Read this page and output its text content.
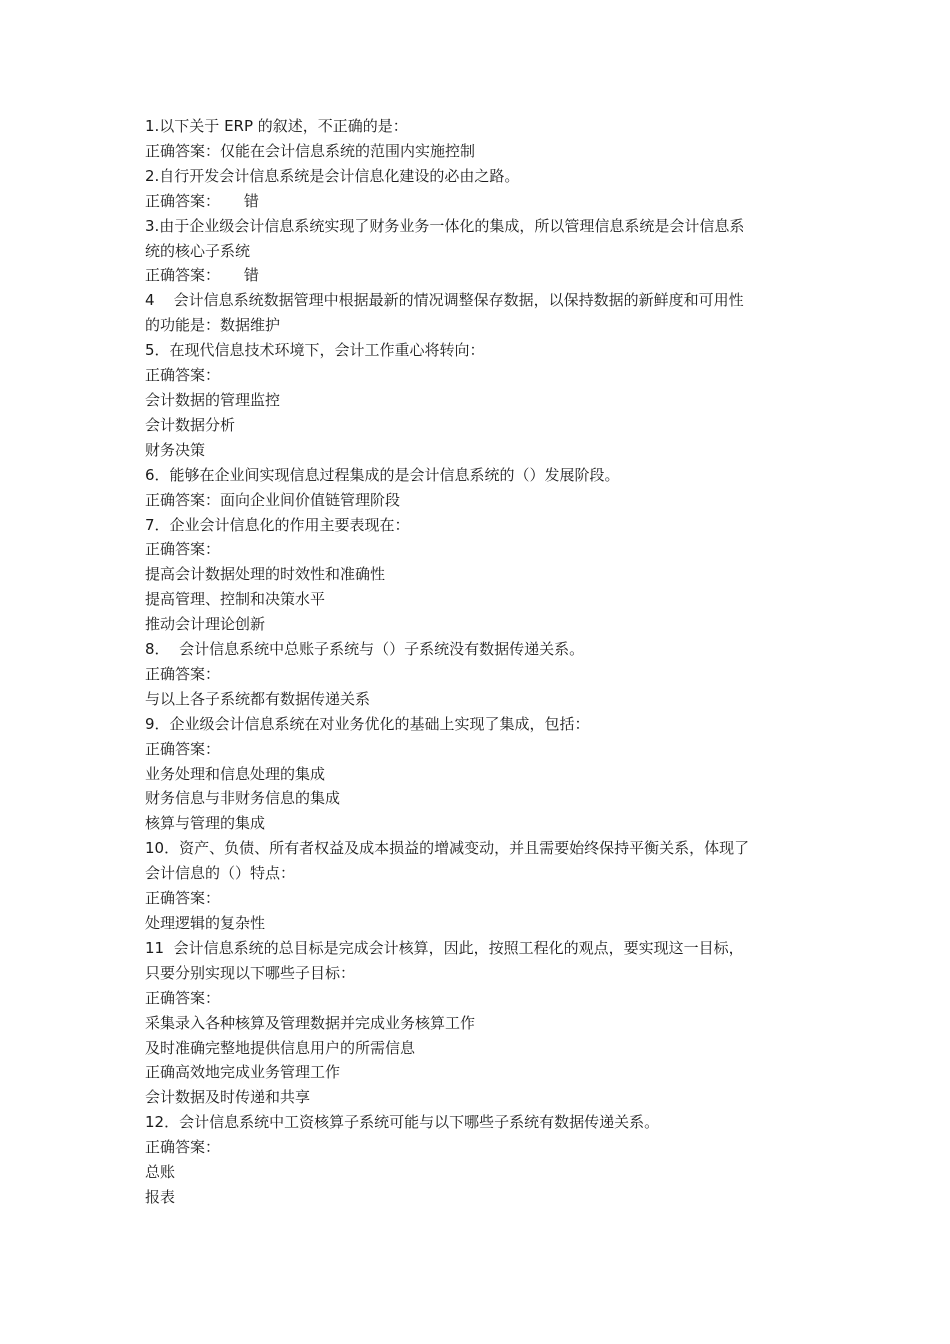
1.以下关于 ERP 的叙述，不正确的是：

正确答案：仅能在会计信息系统的范围内实施控制

2.自行开发会计信息系统是会计信息化建设的必由之路。

正确答案：     错

3.由于企业级会计信息系统实现了财务业务一体化的集成，所以管理信息系统是会计信息系

统的核心子系统

正确答案：     错

4    会计信息系统数据管理中根据最新的情况调整保存数据，以保持数据的新鲜度和可用性

的功能是：数据维护

5．在现代信息技术环境下，会计工作重心将转向：

正确答案：

会计数据的管理监控

会计数据分析

财务决策

6．能够在企业间实现信息过程集成的是会计信息系统的（）发展阶段。

正确答案：面向企业间价值链管理阶段

7．企业会计信息化的作用主要表现在：

正确答案：

提高会计数据处理的时效性和准确性

提高管理、控制和决策水平

推动会计理论创新

8．  会计信息系统中总账子系统与（）子系统没有数据传递关系。

正确答案：

与以上各子系统都有数据传递关系

9．企业级会计信息系统在对业务优化的基础上实现了集成，包括：

正确答案：

业务处理和信息处理的集成

财务信息与非财务信息的集成

核算与管理的集成

10．资产、负债、所有者权益及成本损益的增减变动，并且需要始终保持平衡关系，体现了

会计信息的（）特点：

正确答案：

处理逻辑的复杂性

11  会计信息系统的总目标是完成会计核算，因此，按照工程化的观点，要实现这一目标，

只要分别实现以下哪些子目标：

正确答案：

采集录入各种核算及管理数据并完成业务核算工作

及时准确完整地提供信息用户的所需信息

正确高效地完成业务管理工作

会计数据及时传递和共享

12．会计信息系统中工资核算子系统可能与以下哪些子系统有数据传递关系。

正确答案：

总账

报表
